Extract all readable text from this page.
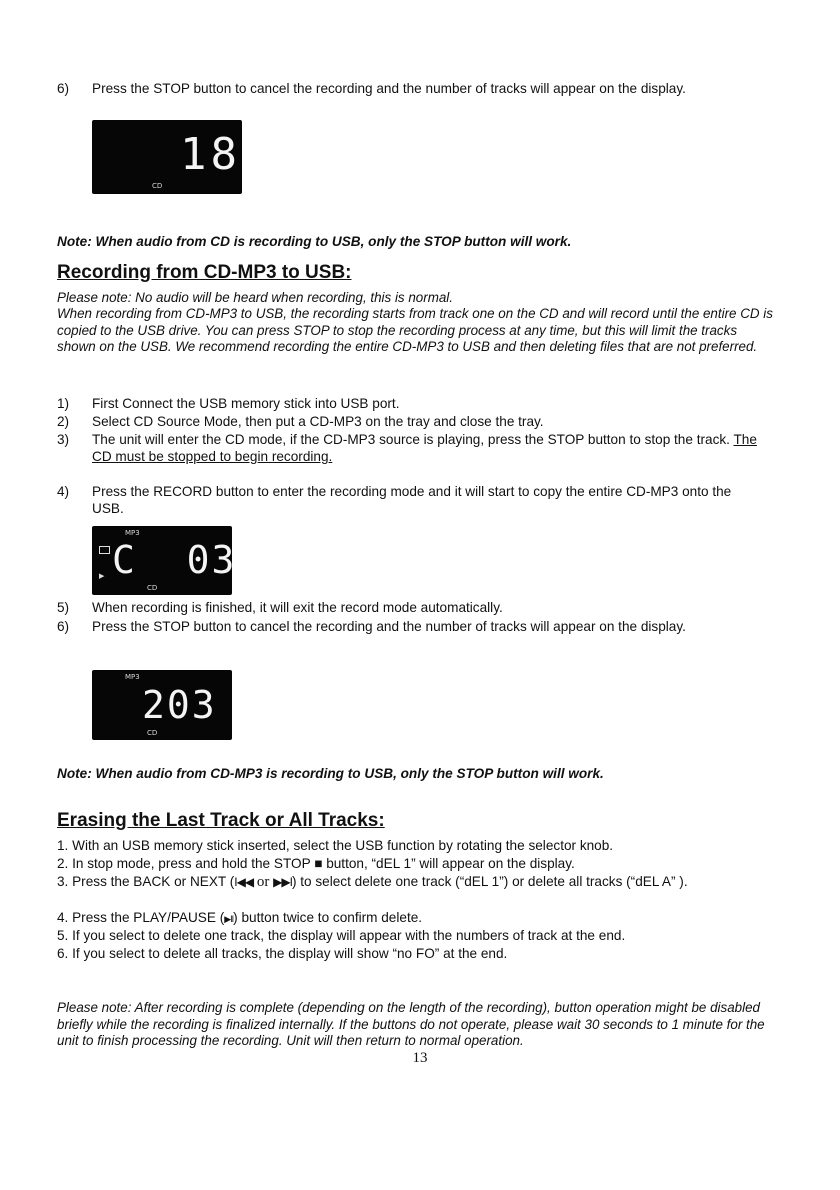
6) Press the STOP button to cancel the recording and the number of tracks will appear on the display.
18
CD
Note: When audio from CD is recording to USB, only the STOP button will work.
Recording from CD-MP3 to USB:
Please note: No audio will be heard when recording, this is normal.
When recording from CD-MP3 to USB, the recording starts from track one on the CD and will record until the entire CD is copied to the USB drive. You can press STOP to stop the recording process at any time, but this will limit the tracks shown on the USB. We recommend recording the entire CD-MP3 to USB and then deleting files that are not preferred.
1) First Connect the USB memory stick into USB port.
2) Select CD Source Mode, then put a CD-MP3 on the tray and close the tray.
3) The unit will enter the CD mode, if the CD-MP3 source is playing, press the STOP button to stop the track. The CD must be stopped to begin recording.
4) Press the RECORD button to enter the recording mode and it will start to copy the entire CD-MP3 onto the USB.
MP3
▶ C  03
CD
5) When recording is finished, it will exit the record mode automatically.
6) Press the STOP button to cancel the recording and the number of tracks will appear on the display.
MP3
203
CD
Note: When audio from CD-MP3 is recording to USB, only the STOP button will work.
Erasing the Last Track or All Tracks:
1. With an USB memory stick inserted, select the USB function by rotating the selector knob.
2. In stop mode, press and hold the STOP ■ button, “dEL 1” will appear on the display.
3. Press the BACK or NEXT (I◀◀ or ▶▶I) to select delete one track (“dEL 1”) or delete all tracks (“dEL A” ).
4. Press the PLAY/PAUSE (▶II) button twice to confirm delete.
5. If you select to delete one track, the display will appear with the numbers of track at the end.
6. If you select to delete all tracks, the display will show “no FO” at the end.
Please note: After recording is complete (depending on the length of the recording), button operation might be disabled briefly while the recording is finalized internally. If the buttons do not operate, please wait 30 seconds to 1 minute for the unit to finish processing the recording. Unit will then return to normal operation.
13
